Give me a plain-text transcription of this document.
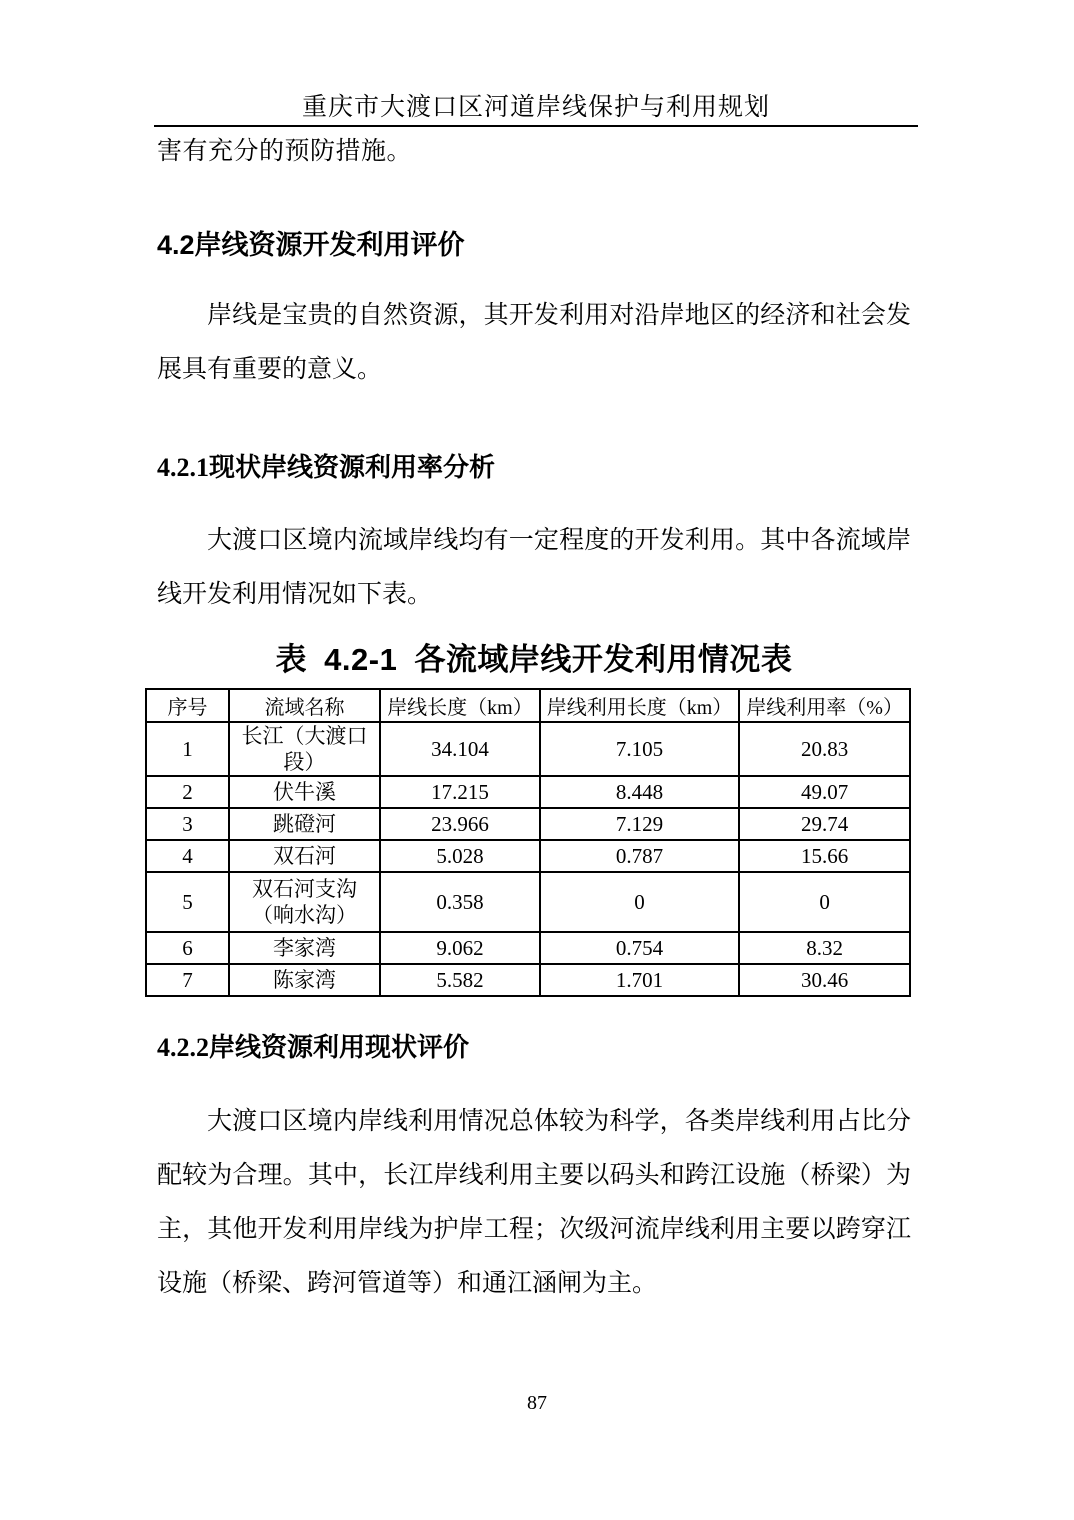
重庆市大渡口区河道岸线保护与利用规划
害有充分的预防措施。
4.2岸线资源开发利用评价
岸线是宝贵的自然资源，其开发利用对沿岸地区的经济和社会发
展具有重要的意义。
4.2.1现状岸线资源利用率分析
大渡口区境内流域岸线均有一定程度的开发利用。其中各流域岸
线开发利用情况如下表。
表 4.2-1 各流域岸线开发利用情况表
序号	流域名称	岸线长度（km）	岸线利用长度（km）	岸线利用率（%）
1	长江（大渡口段）	34.104	7.105	20.83
2	伏牛溪	17.215	8.448	49.07
3	跳磴河	23.966	7.129	29.74
4	双石河	5.028	0.787	15.66
5	双石河支沟（响水沟）	0.358	0	0
6	李家湾	9.062	0.754	8.32
7	陈家湾	5.582	1.701	30.46
4.2.2岸线资源利用现状评价
大渡口区境内岸线利用情况总体较为科学，各类岸线利用占比分
配较为合理。其中，长江岸线利用主要以码头和跨江设施（桥梁）为
主，其他开发利用岸线为护岸工程；次级河流岸线利用主要以跨穿江
设施（桥梁、跨河管道等）和通江涵闸为主。
87
